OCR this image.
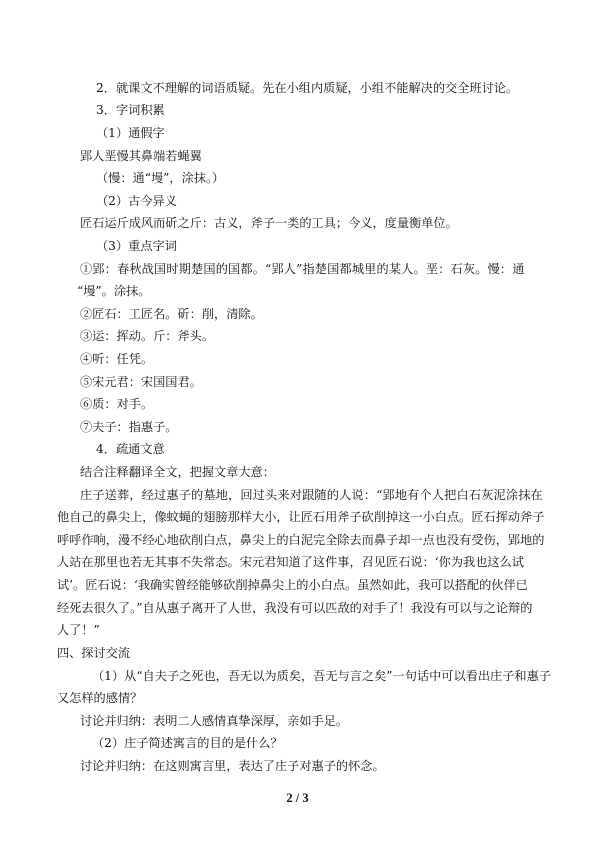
2．就课文不理解的词语质疑。先在小组内质疑，小组不能解决的交全班讨论。
3．字词积累
（1）通假字
郢人垩慢其鼻端若蝇翼
（慢：通“墁”，涂抹。）
（2）古今异义
匠石运斤成风而斫之斤：古义，斧子一类的工具；今义，度量衡单位。
（3）重点字词
①郢：春秋战国时期楚国的国都。“郢人”指楚国都城里的某人。垩：石灰。慢：通
“墁”。涂抹。
②匠石：工匠名。斫：削，清除。
③运：挥动。斤：斧头。
④听：任凭。
⑤宋元君：宋国国君。
⑥质：对手。
⑦夫子：指惠子。
4．疏通文意
结合注释翻译全文，把握文章大意：
庄子送葬，经过惠子的墓地，回过头来对跟随的人说：“郢地有个人把白石灰泥涂抹在
他自己的鼻尖上，像蚊蝇的翅膀那样大小，让匠石用斧子砍削掉这一小白点。匠石挥动斧子
呼呼作响，漫不经心地砍削白点，鼻尖上的白泥完全除去而鼻子却一点也没有受伤，郢地的
人站在那里也若无其事不失常态。宋元君知道了这件事，召见匠石说：‘你为我也这么试
试’。匠石说：‘我确实曾经能够砍削掉鼻尖上的小白点。虽然如此，我可以搭配的伙伴已
经死去很久了。”自从惠子离开了人世，我没有可以匹敌的对手了！我没有可以与之论辩的
人了！”
四、探讨交流
（1）从“自夫子之死也，吾无以为质矣，吾无与言之矣”一句话中可以看出庄子和惠子
又怎样的感情？
讨论并归纳：表明二人感情真挚深厚，亲如手足。
（2）庄子简述寓言的目的是什么？
讨论并归纳：在这则寓言里，表达了庄子对惠子的怀念。
2 / 3
